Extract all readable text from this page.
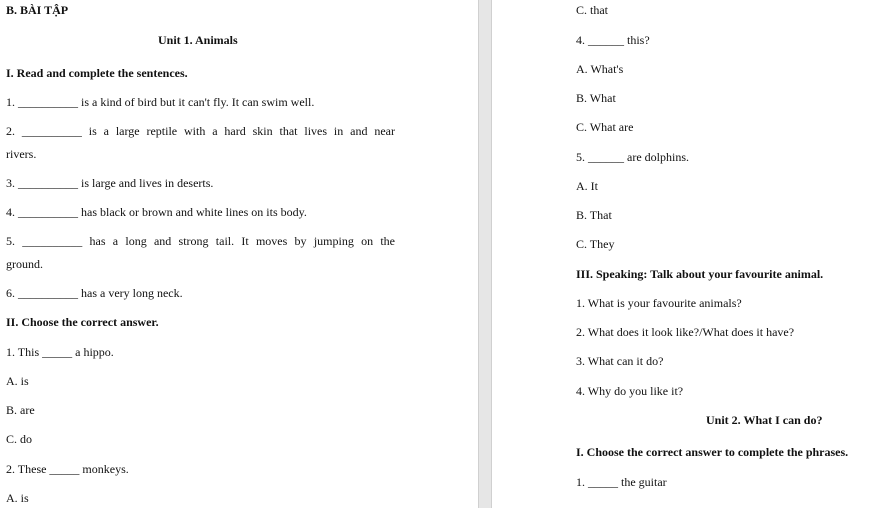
B. BÀI TẬP
Unit 1. Animals
I. Read and complete the sentences.
1. __________ is a kind of bird but it can't fly. It can swim well.
2. __________ is a large reptile with a hard skin that lives in and near
rivers.
3. __________ is large and lives in deserts.
4. __________ has black or brown and white lines on its body.
5. __________ has a long and strong tail. It moves by jumping on the
ground.
6. __________ has a very long neck.
II. Choose the correct answer.
1. This _____ a hippo.
A. is
B. are
C. do
2. These _____ monkeys.
A. is
C. that
4. ______ this?
A. What's
B. What
C. What are
5. ______ are dolphins.
A. It
B. That
C. They
III. Speaking: Talk about your favourite animal.
1. What is your favourite animals?
2. What does it look like?/What does it have?
3. What can it do?
4. Why do you like it?
Unit 2. What I can do?
I. Choose the correct answer to complete the phrases.
1. _____ the guitar
